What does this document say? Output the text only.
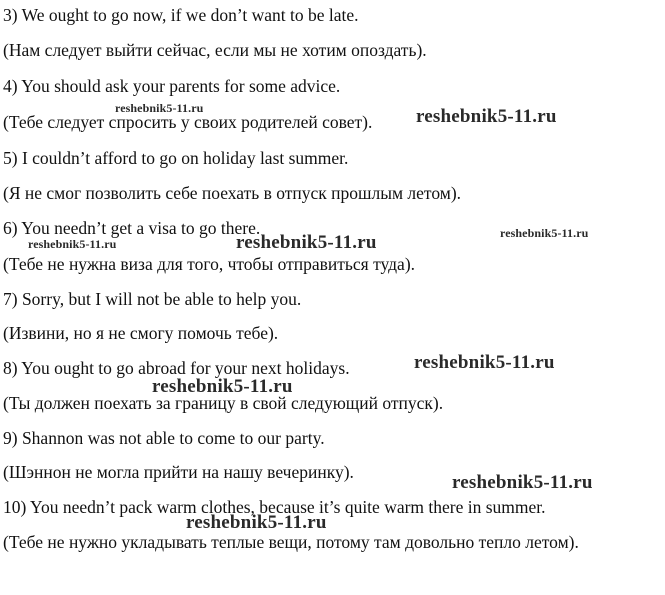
3) We ought to go now, if we don’t want to be late.
(Нам следует выйти сейчас, если мы не хотим опоздать).
4) You should ask your parents for some advice.
(Тебе следует спросить у своих родителей совет).
5) I couldn’t afford to go on holiday last summer.
(Я не смог позволить себе поехать в отпуск прошлым летом).
6) You needn’t get a visa to go there.
(Тебе не нужна виза для того, чтобы отправиться туда).
7) Sorry, but I will not be able to help you.
(Извини, но я не смогу помочь тебе).
8) You ought to go abroad for your next holidays.
(Ты должен поехать за границу в свой следующий отпуск).
9) Shannon was not able to come to our party.
(Шэннон не могла прийти на нашу вечеринку).
10) You needn’t pack warm clothes, because it’s quite warm there in summer.
(Тебе не нужно укладывать теплые вещи, потому там довольно тепло летом).
reshebnik5-11.ru	reshebnik5-11.ru
reshebnik5-11.ru
reshebnik5-11.ru	reshebnik5-11.ru
reshebnik5-11.ru
reshebnik5-11.ru
reshebnik5-11.ru
reshebnik5-11.ru
